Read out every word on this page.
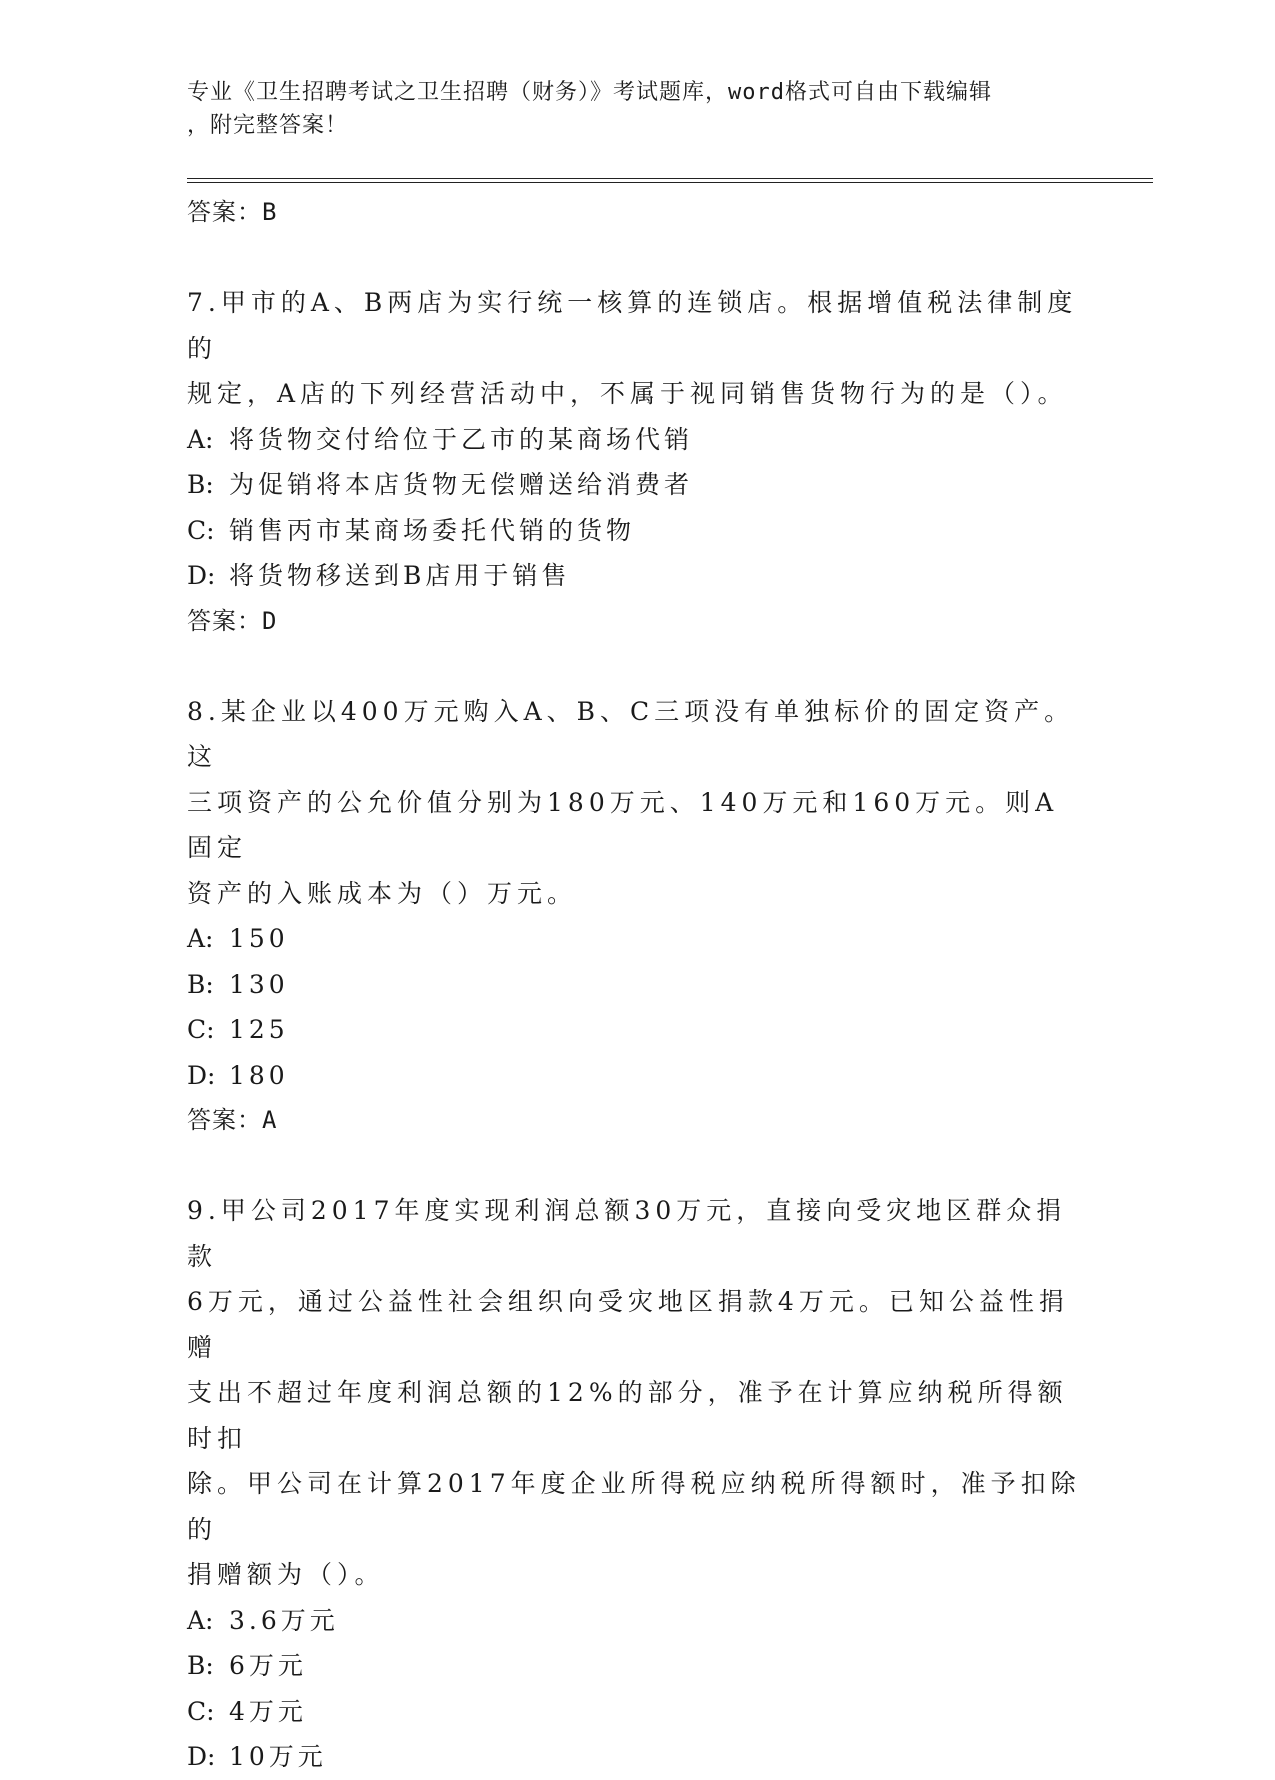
专业《卫生招聘考试之卫生招聘（财务）》考试题库，word格式可自由下载编辑
，附完整答案！
答案：B
7.甲市的A、B两店为实行统一核算的连锁店。根据增值税法律制度的
规定，A店的下列经营活动中，不属于视同销售货物行为的是（）。
A: 将货物交付给位于乙市的某商场代销
B: 为促销将本店货物无偿赠送给消费者
C: 销售丙市某商场委托代销的货物
D: 将货物移送到B店用于销售
答案：D
8.某企业以400万元购入A、B、C三项没有单独标价的固定资产。这
三项资产的公允价值分别为180万元、140万元和160万元。则A固定
资产的入账成本为（）万元。
A: 150
B: 130
C: 125
D: 180
答案：A
9.甲公司2017年度实现利润总额30万元，直接向受灾地区群众捐款
6万元，通过公益性社会组织向受灾地区捐款4万元。已知公益性捐赠
支出不超过年度利润总额的12%的部分，准予在计算应纳税所得额时扣
除。甲公司在计算2017年度企业所得税应纳税所得额时，准予扣除的
捐赠额为（）。
A: 3.6万元
B: 6万元
C: 4万元
D: 10万元
